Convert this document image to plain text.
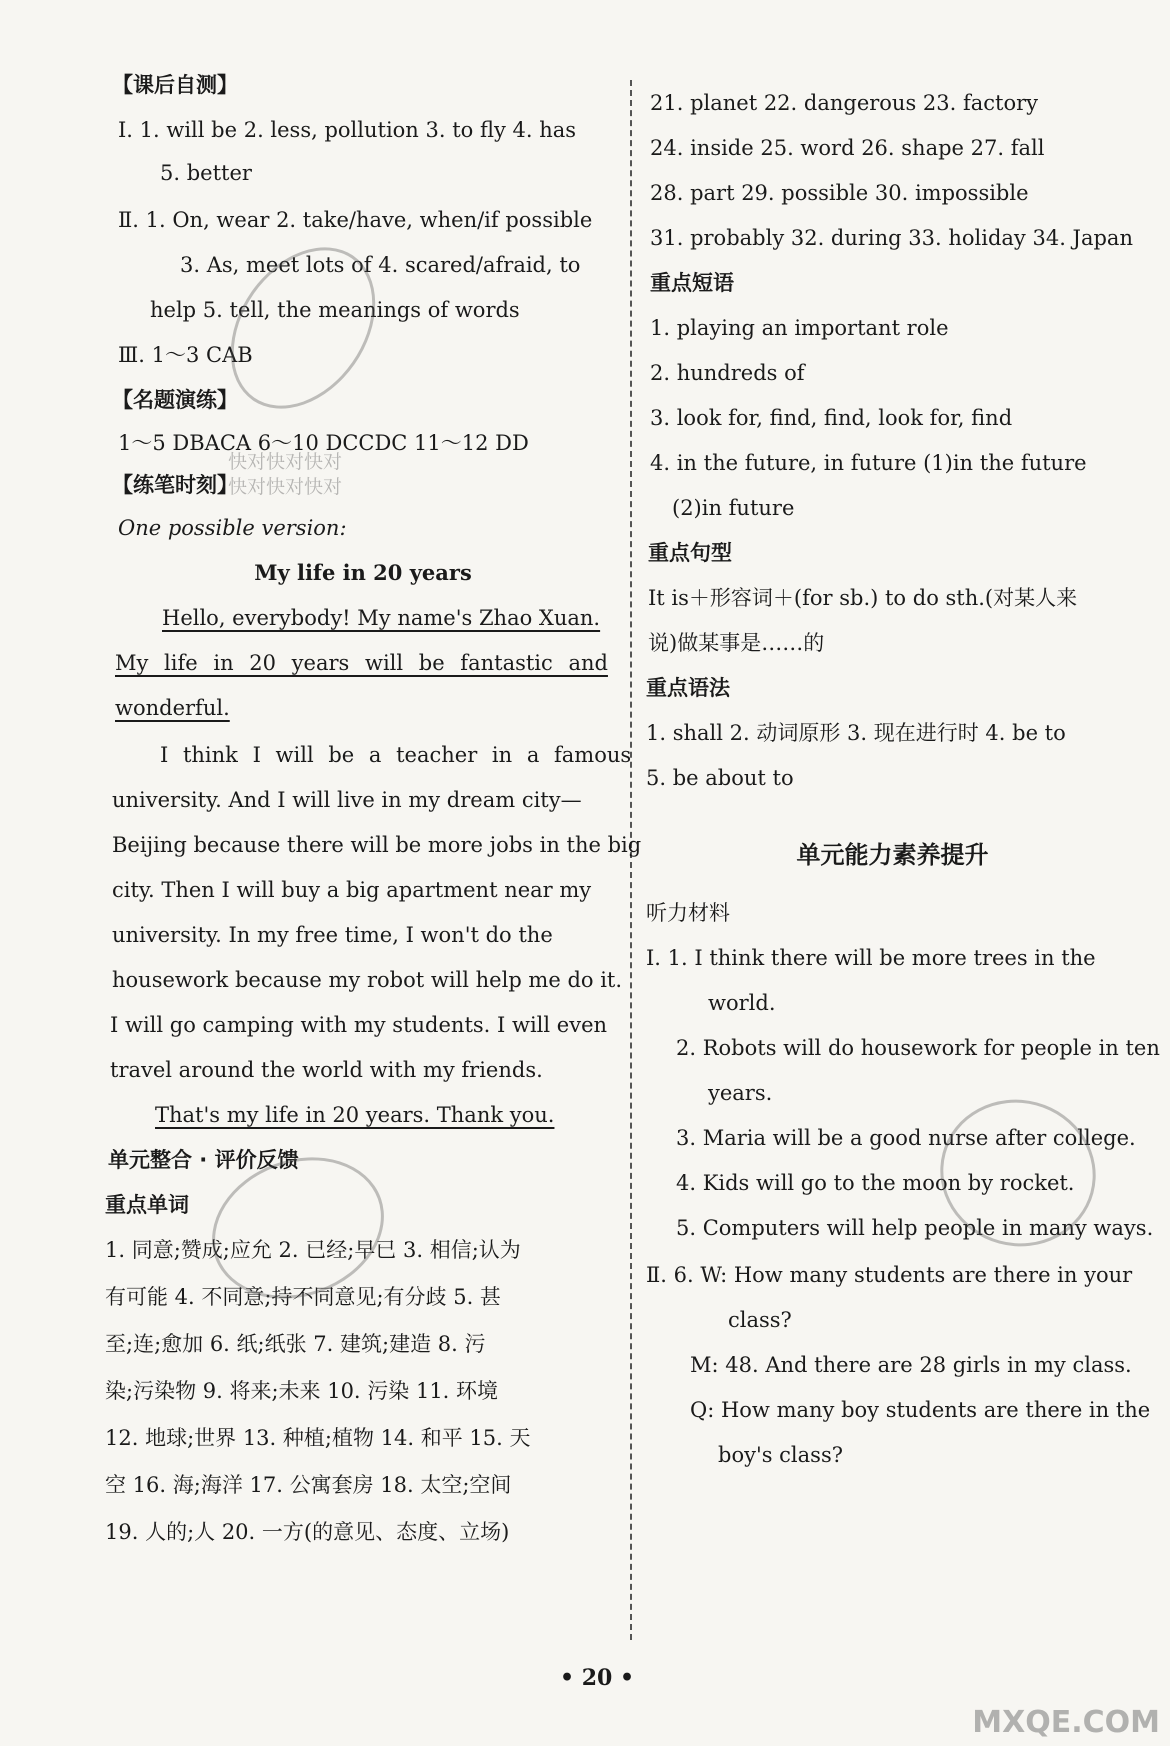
【课后自测】
Ⅰ. 1. will be 2. less, pollution 3. to fly 4. has
5. better
Ⅱ. 1. On, wear 2. take/have, when/if possible
3. As, meet lots of 4. scared/afraid, to
help 5. tell, the meanings of words
Ⅲ. 1～3 CAB
【名题演练】
1～5 DBACA 6～10 DCCDC 11～12 DD
【练笔时刻】
One possible version:
My life in 20 years
Hello, everybody! My name's Zhao Xuan.
My life in 20 years will be fantastic and
wonderful.
I think I will be a teacher in a famous
university. And I will live in my dream city—
Beijing because there will be more jobs in the big
city. Then I will buy a big apartment near my
university. In my free time, I won't do the
housework because my robot will help me do it.
I will go camping with my students. I will even
travel around the world with my friends.
That's my life in 20 years. Thank you.
单元整合 · 评价反馈
重点单词
1. 同意;赞成;应允 2. 已经;早已 3. 相信;认为
有可能 4. 不同意;持不同意见;有分歧 5. 甚
至;连;愈加 6. 纸;纸张 7. 建筑;建造 8. 污
染;污染物 9. 将来;未来 10. 污染 11. 环境
12. 地球;世界 13. 种植;植物 14. 和平 15. 天
空 16. 海;海洋 17. 公寓套房 18. 太空;空间
19. 人的;人 20. 一方(的意见、态度、立场)
21. planet 22. dangerous 23. factory
24. inside 25. word 26. shape 27. fall
28. part 29. possible 30. impossible
31. probably 32. during 33. holiday 34. Japan
重点短语
1. playing an important role
2. hundreds of
3. look for, find, find, look for, find
4. in the future, in future (1)in the future
(2)in future
重点句型
It is＋形容词＋(for sb.) to do sth.(对某人来
说)做某事是……的
重点语法
1. shall 2. 动词原形 3. 现在进行时 4. be to
5. be about to
单元能力素养提升
听力材料
Ⅰ. 1. I think there will be more trees in the
world.
2. Robots will do housework for people in ten
years.
3. Maria will be a good nurse after college.
4. Kids will go to the moon by rocket.
5. Computers will help people in many ways.
Ⅱ. 6. W: How many students are there in your
class?
M: 48. And there are 28 girls in my class.
Q: How many boy students are there in the
boy's class?
• 20 •
快对快对快对
快对快对快对
MXQE.COM
